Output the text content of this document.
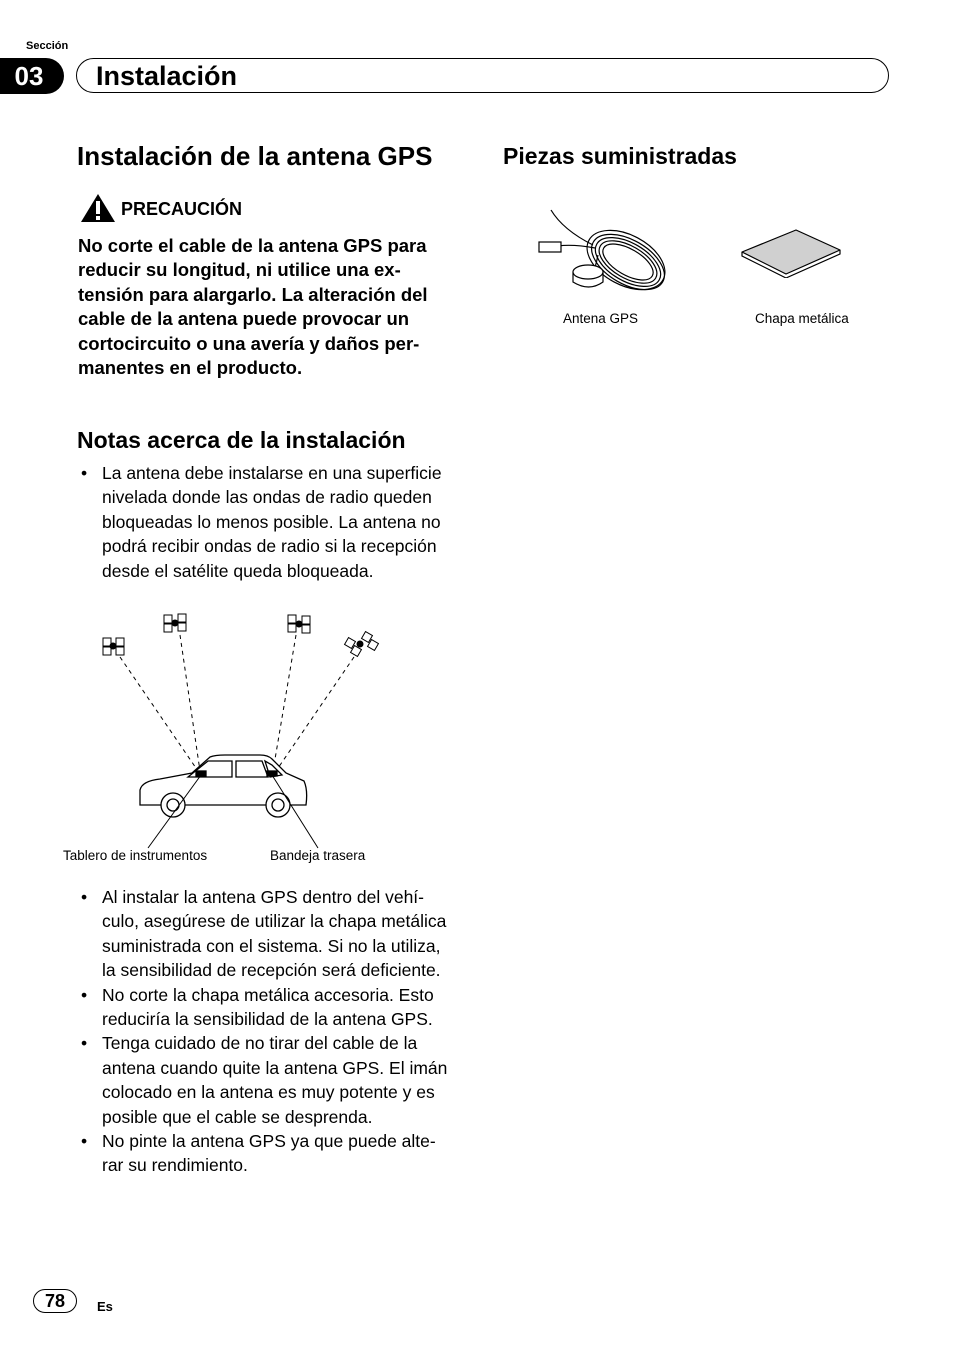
Sección
03	Instalación
Instalación de la antena GPS
PRECAUCIÓN
No corte el cable de la antena GPS para
reducir su longitud, ni utilice una ex-
tensión para alargarlo. La alteración del
cable de la antena puede provocar un
cortocircuito o una avería y daños per-
manentes en el producto.
Notas acerca de la instalación
• La antena debe instalarse en una superficie
nivelada donde las ondas de radio queden
bloqueadas lo menos posible. La antena no
podrá recibir ondas de radio si la recepción
desde el satélite queda bloqueada.
Tablero de instrumentos	Bandeja trasera
• Al instalar la antena GPS dentro del vehí-
culo, asegúrese de utilizar la chapa metálica
suministrada con el sistema. Si no la utiliza,
la sensibilidad de recepción será deficiente.
• No corte la chapa metálica accesoria. Esto
reduciría la sensibilidad de la antena GPS.
• Tenga cuidado de no tirar del cable de la
antena cuando quite la antena GPS. El imán
colocado en la antena es muy potente y es
posible que el cable se desprenda.
• No pinte la antena GPS ya que puede alte-
rar su rendimiento.
Piezas suministradas
Antena GPS	Chapa metálica
78	Es
